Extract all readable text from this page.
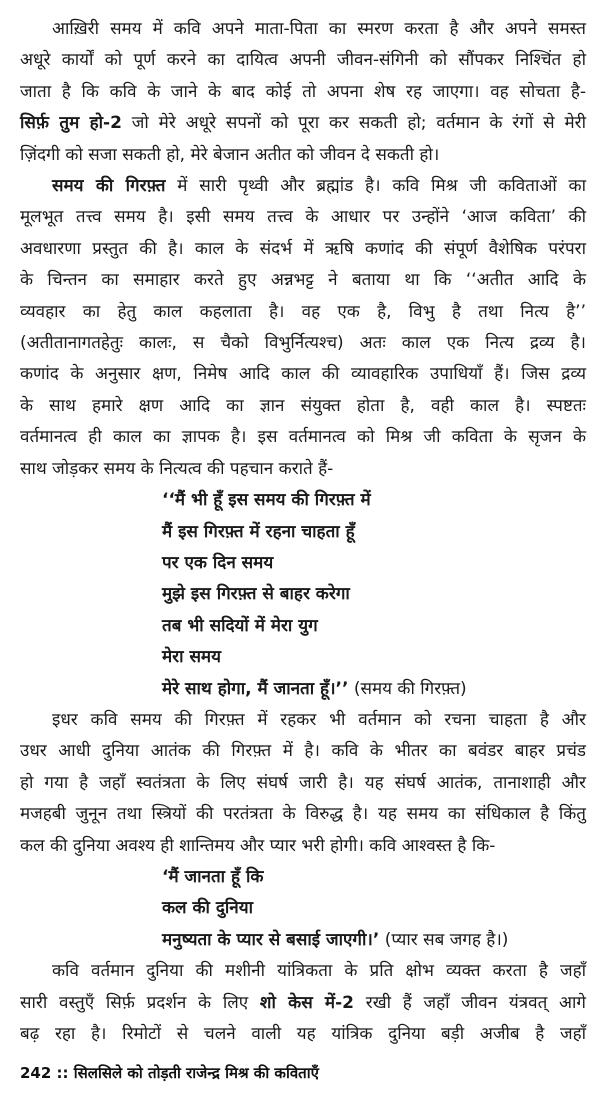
आख़िरी समय में कवि अपने माता-पिता का स्मरण करता है और अपने समस्त
अधूरे कार्यों को पूर्ण करने का दायित्व अपनी जीवन-संगिनी को सौंपकर निश्चिंत हो
जाता है कि कवि के जाने के बाद कोई तो अपना शेष रह जाएगा। वह सोचता है-
सिर्फ़ तुम हो-2 जो मेरे अधूरे सपनों को पूरा कर सकती हो; वर्तमान के रंगों से मेरी
ज़िंदगी को सजा सकती हो, मेरे बेजान अतीत को जीवन दे सकती हो।
समय की गिरफ़्त में सारी पृथ्वी और ब्रह्मांड है। कवि मिश्र जी कविताओं का
मूलभूत तत्त्व समय है। इसी समय तत्त्व के आधार पर उन्होंने ‘आज कविता’ की
अवधारणा प्रस्तुत की है। काल के संदर्भ में ऋषि कणांद की संपूर्ण वैशेषिक परंपरा
के चिन्तन का समाहार करते हुए अन्नभट्ट ने बताया था कि ‘‘अतीत आदि के
व्यवहार का हेतु काल कहलाता है। वह एक है, विभु है तथा नित्य है’’
(अतीतानागतहेतुः कालः, स चैको विभुर्नित्यश्च) अतः काल एक नित्य द्रव्य है।
कणांद के अनुसार क्षण, निमेष आदि काल की व्यावहारिक उपाधियाँ हैं। जिस द्रव्य
के साथ हमारे क्षण आदि का ज्ञान संयुक्त होता है, वही काल है। स्पष्टतः
वर्तमानत्व ही काल का ज्ञापक है। इस वर्तमानत्व को मिश्र जी कविता के सृजन के
साथ जोड़कर समय के नित्यत्व की पहचान कराते हैं-
‘‘मैं भी हूँ इस समय की गिरफ़्त में
मैं इस गिरफ़्त में रहना चाहता हूँ
पर एक दिन समय
मुझे इस गिरफ़्त से बाहर करेगा
तब भी सदियों में मेरा युग
मेरा समय
मेरे साथ होगा, मैं जानता हूँ।’’ (समय की गिरफ़्त)
इधर कवि समय की गिरफ़्त में रहकर भी वर्तमान को रचना चाहता है और
उधर आधी दुनिया आतंक की गिरफ़्त में है। कवि के भीतर का बवंडर बाहर प्रचंड
हो गया है जहाँ स्वतंत्रता के लिए संघर्ष जारी है। यह संघर्ष आतंक, तानाशाही और
मजहबी जुनून तथा स्त्रियों की परतंत्रता के विरुद्ध है। यह समय का संधिकाल है किंतु
कल की दुनिया अवश्य ही शान्तिमय और प्यार भरी होगी। कवि आश्वस्त है कि-
‘मैं जानता हूँ कि
कल की दुनिया
मनुष्यता के प्यार से बसाई जाएगी।’ (प्यार सब जगह है।)
कवि वर्तमान दुनिया की मशीनी यांत्रिकता के प्रति क्षोभ व्यक्त करता है जहाँ
सारी वस्तुएँ सिर्फ़ प्रदर्शन के लिए शो केस में-2 रखी हैं जहाँ जीवन यंत्रवत् आगे
बढ़ रहा है। रिमोटों से चलने वाली यह यांत्रिक दुनिया बड़ी अजीब है जहाँ
242 :: सिलसिले को तोड़ती राजेन्द्र मिश्र की कविताएँ
